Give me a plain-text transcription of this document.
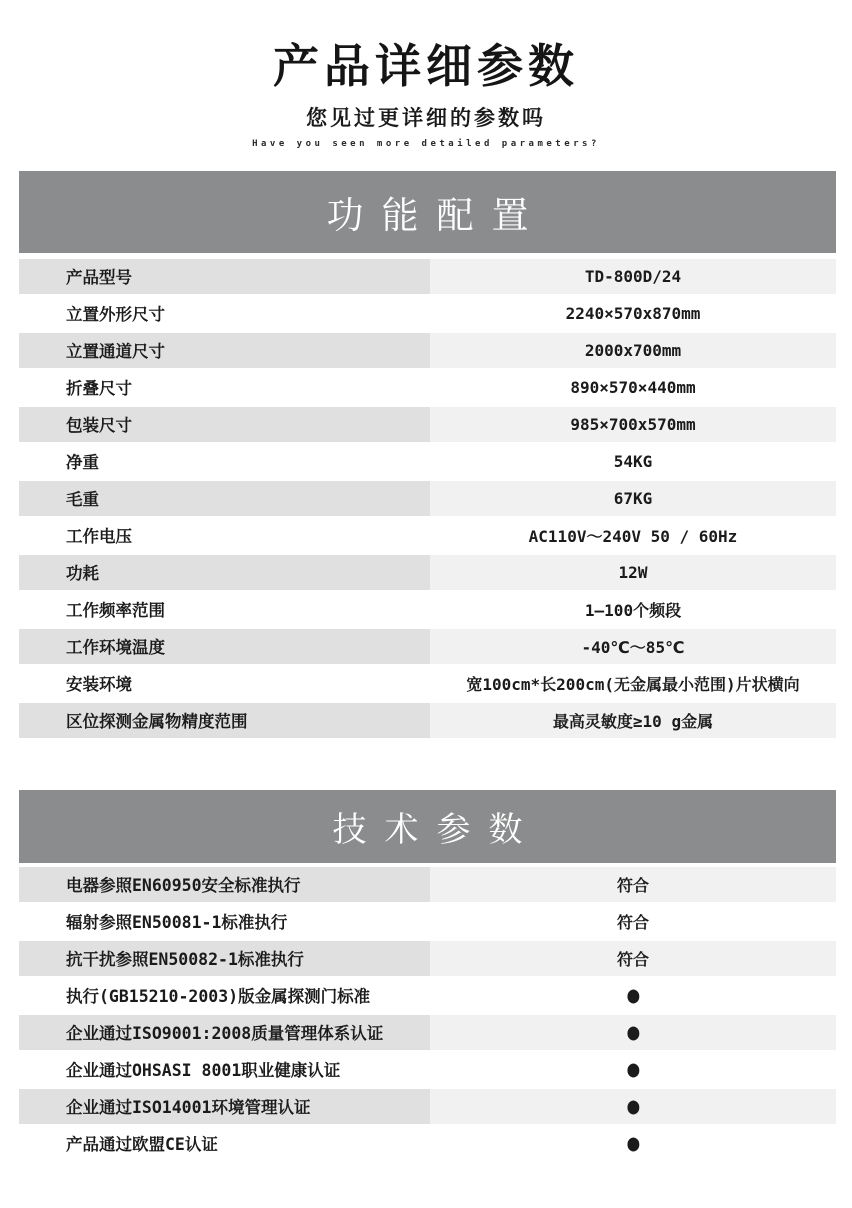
产品详细参数
您见过更详细的参数吗
Have you seen more detailed parameters?
功能配置
产品型号	TD-800D/24
立置外形尺寸	2240×570x870mm
立置通道尺寸	2000x700mm
折叠尺寸	890×570×440mm
包装尺寸	985×700x570mm
净重	54KG
毛重	67KG
工作电压	AC110V～240V 50 / 60Hz
功耗	12W
工作频率范围	1—100个频段
工作环境温度	-40℃～85℃
安装环境	宽100cm*长200cm(无金属最小范围)片状横向
区位探测金属物精度范围	最高灵敏度≥10 g金属
技术参数
电器参照EN60950安全标准执行	符合
辐射参照EN50081-1标准执行	符合
抗干扰参照EN50082-1标准执行	符合
执行(GB15210-2003)版金属探测门标准	●
企业通过ISO9001:2008质量管理体系认证	●
企业通过OHSASI 8001职业健康认证	●
企业通过ISO14001环境管理认证	●
产品通过欧盟CE认证	●
